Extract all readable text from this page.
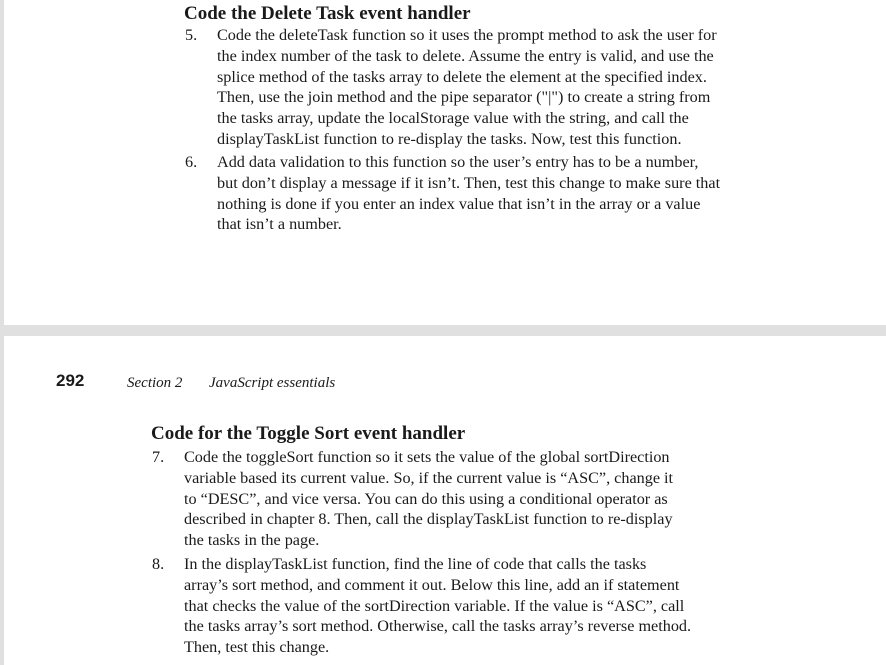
Code the Delete Task event handler
5. Code the deleteTask function so it uses the prompt method to ask the user for
the index number of the task to delete. Assume the entry is valid, and use the
splice method of the tasks array to delete the element at the specified index.
Then, use the join method and the pipe separator ("|") to create a string from
the tasks array, update the localStorage value with the string, and call the
displayTaskList function to re-display the tasks. Now, test this function.
6. Add data validation to this function so the user’s entry has to be a number,
but don’t display a message if it isn’t. Then, test this change to make sure that
nothing is done if you enter an index value that isn’t in the array or a value
that isn’t a number.
292	Section 2 JavaScript essentials
Code for the Toggle Sort event handler
7. Code the toggleSort function so it sets the value of the global sortDirection
variable based its current value. So, if the current value is “ASC”, change it
to “DESC”, and vice versa. You can do this using a conditional operator as
described in chapter 8. Then, call the displayTaskList function to re-display
the tasks in the page.
8. In the displayTaskList function, find the line of code that calls the tasks
array’s sort method, and comment it out. Below this line, add an if statement
that checks the value of the sortDirection variable. If the value is “ASC”, call
the tasks array’s sort method. Otherwise, call the tasks array’s reverse method.
Then, test this change.
